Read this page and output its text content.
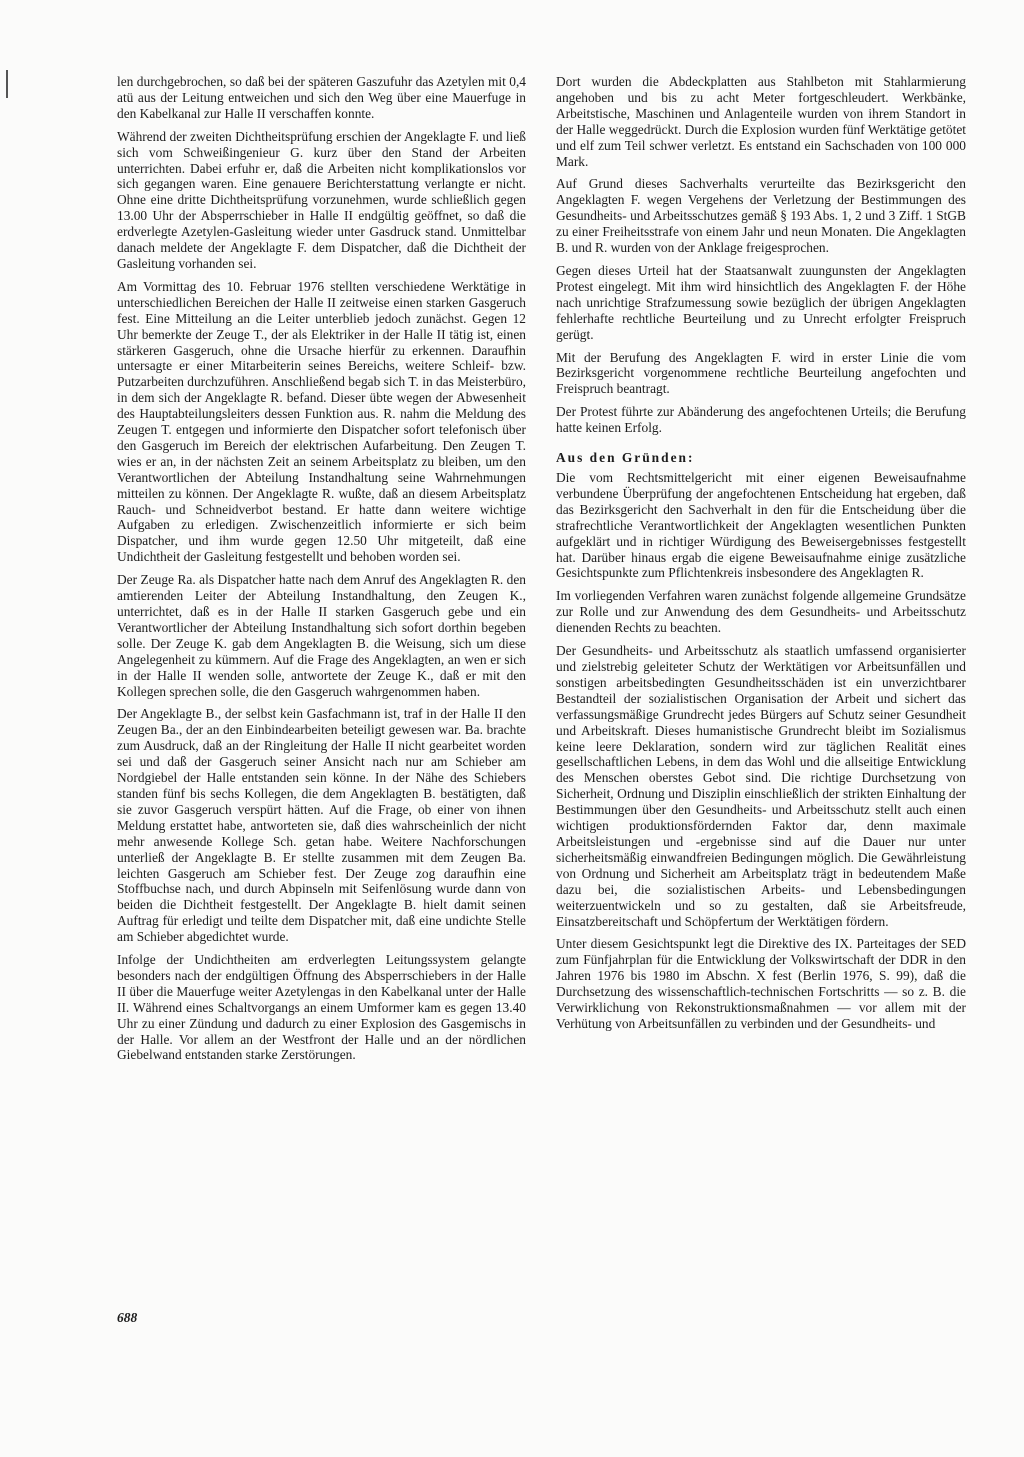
len durchgebrochen, so daß bei der späteren Gaszufuhr das Azetylen mit 0,4 atü aus der Leitung entweichen und sich den Weg über eine Mauerfuge in den Kabelkanal zur Halle II verschaffen konnte.

Während der zweiten Dichtheitsprüfung erschien der Angeklagte F. und ließ sich vom Schweißingenieur G. kurz über den Stand der Arbeiten unterrichten. Dabei erfuhr er, daß die Arbeiten nicht komplikationslos vor sich gegangen waren. Eine genauere Berichterstattung verlangte er nicht. Ohne eine dritte Dichtheitsprüfung vorzunehmen, wurde schließlich gegen 13.00 Uhr der Absperrschieber in Halle II endgültig geöffnet, so daß die erdverlegte Azetylen-Gasleitung wieder unter Gasdruck stand. Unmittelbar danach meldete der Angeklagte F. dem Dispatcher, daß die Dichtheit der Gasleitung vorhanden sei.

Am Vormittag des 10. Februar 1976 stellten verschiedene Werktätige in unterschiedlichen Bereichen der Halle II zeitweise einen starken Gasgeruch fest. Eine Mitteilung an die Leiter unterblieb jedoch zunächst. Gegen 12 Uhr bemerkte der Zeuge T., der als Elektriker in der Halle II tätig ist, einen stärkeren Gasgeruch, ohne die Ursache hierfür zu erkennen. Daraufhin untersagte er einer Mitarbeiterin seines Bereichs, weitere Schleif- bzw. Putzarbeiten durchzuführen. Anschließend begab sich T. in das Meisterbüro, in dem sich der Angeklagte R. befand. Dieser übte wegen der Abwesenheit des Hauptabteilungsleiters dessen Funktion aus. R. nahm die Meldung des Zeugen T. entgegen und informierte den Dispatcher sofort telefonisch über den Gasgeruch im Bereich der elektrischen Aufarbeitung. Den Zeugen T. wies er an, in der nächsten Zeit an seinem Arbeitsplatz zu bleiben, um den Verantwortlichen der Abteilung Instandhaltung seine Wahrnehmungen mitteilen zu können. Der Angeklagte R. wußte, daß an diesem Arbeitsplatz Rauch- und Schneidverbot bestand. Er hatte dann weitere wichtige Aufgaben zu erledigen. Zwischenzeitlich informierte er sich beim Dispatcher, und ihm wurde gegen 12.50 Uhr mitgeteilt, daß eine Undichtheit der Gasleitung festgestellt und behoben worden sei.

Der Zeuge Ra. als Dispatcher hatte nach dem Anruf des Angeklagten R. den amtierenden Leiter der Abteilung Instandhaltung, den Zeugen K., unterrichtet, daß es in der Halle II starken Gasgeruch gebe und ein Verantwortlicher der Abteilung Instandhaltung sich sofort dorthin begeben solle. Der Zeuge K. gab dem Angeklagten B. die Weisung, sich um diese Angelegenheit zu kümmern. Auf die Frage des Angeklagten, an wen er sich in der Halle II wenden solle, antwortete der Zeuge K., daß er mit den Kollegen sprechen solle, die den Gasgeruch wahrgenommen haben.

Der Angeklagte B., der selbst kein Gasfachmann ist, traf in der Halle II den Zeugen Ba., der an den Einbindearbeiten beteiligt gewesen war. Ba. brachte zum Ausdruck, daß an der Ringleitung der Halle II nicht gearbeitet worden sei und daß der Gasgeruch seiner Ansicht nach nur am Schieber am Nordgiebel der Halle entstanden sein könne. In der Nähe des Schiebers standen fünf bis sechs Kollegen, die dem Angeklagten B. bestätigten, daß sie zuvor Gasgeruch verspürt hätten. Auf die Frage, ob einer von ihnen Meldung erstattet habe, antworteten sie, daß dies wahrscheinlich der nicht mehr anwesende Kollege Sch. getan habe. Weitere Nachforschungen unterließ der Angeklagte B. Er stellte zusammen mit dem Zeugen Ba. leichten Gasgeruch am Schieber fest. Der Zeuge zog daraufhin eine Stoffbuchse nach, und durch Abpinseln mit Seifenlösung wurde dann von beiden die Dichtheit festgestellt. Der Angeklagte B. hielt damit seinen Auftrag für erledigt und teilte dem Dispatcher mit, daß eine undichte Stelle am Schieber abgedichtet wurde.

Infolge der Undichtheiten am erdverlegten Leitungssystem gelangte besonders nach der endgültigen Öffnung des Absperrschiebers in der Halle II über die Mauerfuge weiter Azetylengas in den Kabelkanal unter der Halle II. Während eines Schaltvorgangs an einem Umformer kam es gegen 13.40 Uhr zu einer Zündung und dadurch zu einer Explosion des Gasgemischs in der Halle. Vor allem an der Westfront der Halle und an der nördlichen Giebelwand entstanden starke Zerstörungen.

Dort wurden die Abdeckplatten aus Stahlbeton mit Stahlarmierung angehoben und bis zu acht Meter fortgeschleudert. Werkbänke, Arbeitstische, Maschinen und Anlagenteile wurden von ihrem Standort in der Halle weggedrückt. Durch die Explosion wurden fünf Werktätige getötet und elf zum Teil schwer verletzt. Es entstand ein Sachschaden von 100 000 Mark.

Auf Grund dieses Sachverhalts verurteilte das Bezirksgericht den Angeklagten F. wegen Vergehens der Verletzung der Bestimmungen des Gesundheits- und Arbeitsschutzes gemäß § 193 Abs. 1, 2 und 3 Ziff. 1 StGB zu einer Freiheitsstrafe von einem Jahr und neun Monaten. Die Angeklagten B. und R. wurden von der Anklage freigesprochen.

Gegen dieses Urteil hat der Staatsanwalt zuungunsten der Angeklagten Protest eingelegt. Mit ihm wird hinsichtlich des Angeklagten F. der Höhe nach unrichtige Strafzumessung sowie bezüglich der übrigen Angeklagten fehlerhafte rechtliche Beurteilung und zu Unrecht erfolgter Freispruch gerügt.

Mit der Berufung des Angeklagten F. wird in erster Linie die vom Bezirksgericht vorgenommene rechtliche Beurteilung angefochten und Freispruch beantragt.

Der Protest führte zur Abänderung des angefochtenen Urteils; die Berufung hatte keinen Erfolg.

Aus den Gründen:

Die vom Rechtsmittelgericht mit einer eigenen Beweisaufnahme verbundene Überprüfung der angefochtenen Entscheidung hat ergeben, daß das Bezirksgericht den Sachverhalt in den für die Entscheidung über die strafrechtliche Verantwortlichkeit der Angeklagten wesentlichen Punkten aufgeklärt und in richtiger Würdigung des Beweisergebnisses festgestellt hat. Darüber hinaus ergab die eigene Beweisaufnahme einige zusätzliche Gesichtspunkte zum Pflichtenkreis insbesondere des Angeklagten R.

Im vorliegenden Verfahren waren zunächst folgende allgemeine Grundsätze zur Rolle und zur Anwendung des dem Gesundheits- und Arbeitsschutz dienenden Rechts zu beachten.

Der Gesundheits- und Arbeitsschutz als staatlich umfassend organisierter und zielstrebig geleiteter Schutz der Werktätigen vor Arbeitsunfällen und sonstigen arbeitsbedingten Gesundheitsschäden ist ein unverzichtbarer Bestandteil der sozialistischen Organisation der Arbeit und sichert das verfassungsmäßige Grundrecht jedes Bürgers auf Schutz seiner Gesundheit und Arbeitskraft. Dieses humanistische Grundrecht bleibt im Sozialismus keine leere Deklaration, sondern wird zur täglichen Realität eines gesellschaftlichen Lebens, in dem das Wohl und die allseitige Entwicklung des Menschen oberstes Gebot sind. Die richtige Durchsetzung von Sicherheit, Ordnung und Disziplin einschließlich der strikten Einhaltung der Bestimmungen über den Gesundheits- und Arbeitsschutz stellt auch einen wichtigen produktionsfördernden Faktor dar, denn maximale Arbeitsleistungen und -ergebnisse sind auf die Dauer nur unter sicherheitsmäßig einwandfreien Bedingungen möglich. Die Gewährleistung von Ordnung und Sicherheit am Arbeitsplatz trägt in bedeutendem Maße dazu bei, die sozialistischen Arbeits- und Lebensbedingungen weiterzuentwickeln und so zu gestalten, daß sie Arbeitsfreude, Einsatzbereitschaft und Schöpfertum der Werktätigen fördern.

Unter diesem Gesichtspunkt legt die Direktive des IX. Parteitages der SED zum Fünfjahrplan für die Entwicklung der Volkswirtschaft der DDR in den Jahren 1976 bis 1980 im Abschn. X fest (Berlin 1976, S. 99), daß die Durchsetzung des wissenschaftlich-technischen Fortschritts — so z. B. die Verwirklichung von Rekonstruktionsmaßnahmen — vor allem mit der Verhütung von Arbeitsunfällen zu verbinden und der Gesundheits- und

688
